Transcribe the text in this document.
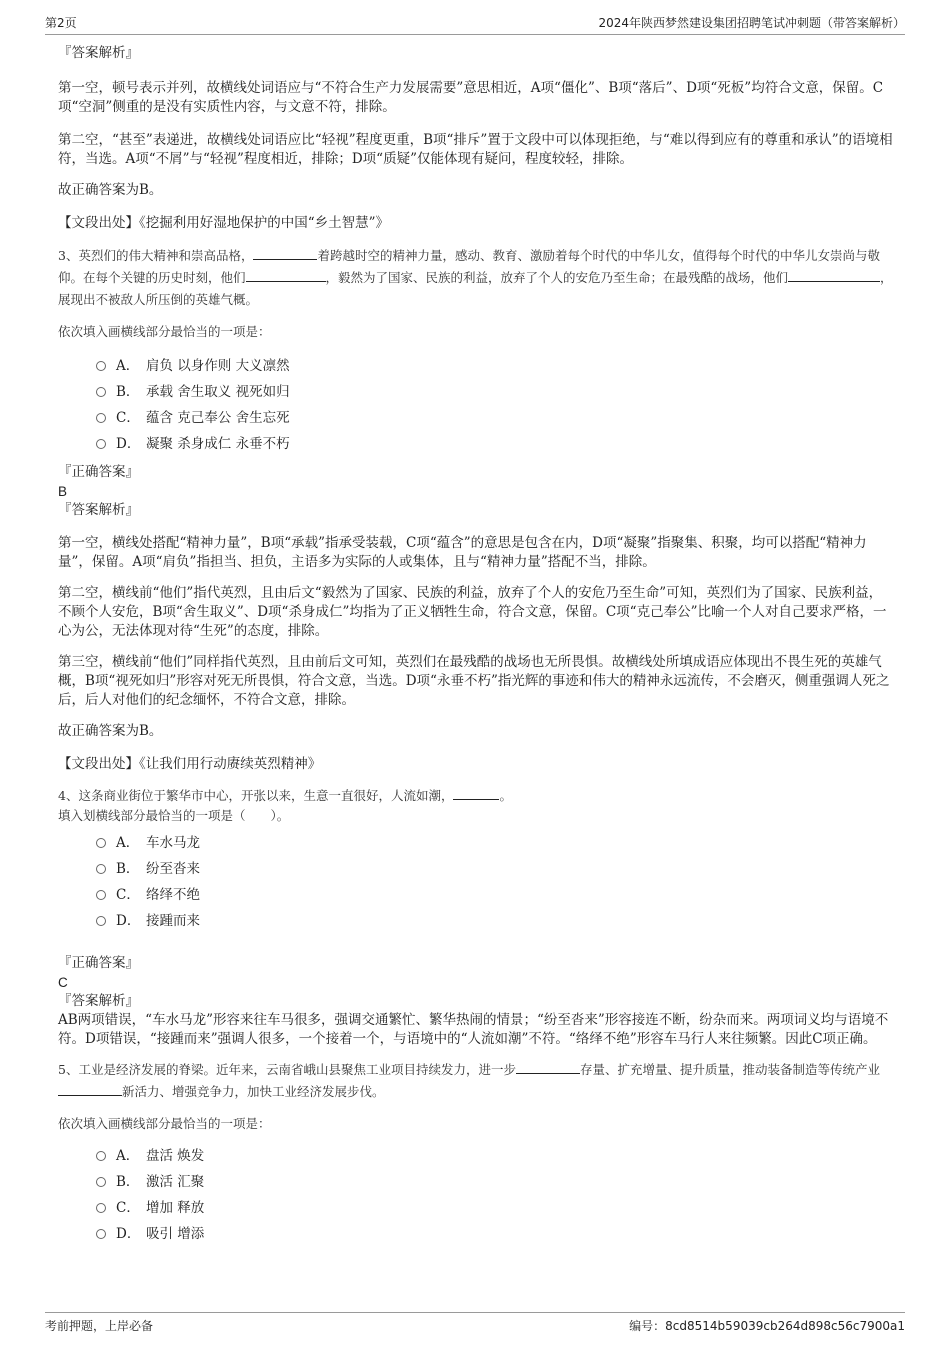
第2页	2024年陕西梦然建设集团招聘笔试冲刺题（带答案解析）

『答案解析』

第一空，顿号表示并列，故横线处词语应与“不符合生产力发展需要”意思相近，A项“僵化”、B项“落后”、D项“死板”均符合文意，保留。C项“空洞”侧重的是没有实质性内容，与文意不符，排除。

第二空，“甚至”表递进，故横线处词语应比“轻视”程度更重，B项“排斥”置于文段中可以体现拒绝，与“难以得到应有的尊重和承认”的语境相符，当选。A项“不屑”与“轻视”程度相近，排除；D项“质疑”仅能体现有疑问，程度较轻，排除。

故正确答案为B。

【文段出处】《挖掘利用好湿地保护的中国“乡土智慧”》

3、英烈们的伟大精神和崇高品格，	着跨越时空的精神力量，感动、教育、激励着每个时代的中华儿女，值得每个时代的中华儿女崇尚与敬仰。在每个关键的历史时刻，他们	，毅然为了国家、民族的利益，放弃了个人的安危乃至生命；在最残酷的战场，他们	，展现出不被敌人所压倒的英雄气概。

依次填入画横线部分最恰当的一项是：

A． 肩负 以身作则 大义凛然
B． 承载 舍生取义 视死如归
C． 蕴含 克己奉公 舍生忘死
D． 凝聚 杀身成仁 永垂不朽

『正确答案』

B

『答案解析』

第一空，横线处搭配“精神力量”，B项“承载”指承受装载，C项“蕴含”的意思是包含在内，D项“凝聚”指聚集、积聚，均可以搭配“精神力量”，保留。A项“肩负”指担当、担负，主语多为实际的人或集体，且与“精神力量”搭配不当，排除。

第二空，横线前“他们”指代英烈，且由后文“毅然为了国家、民族的利益，放弃了个人的安危乃至生命”可知，英烈们为了国家、民族利益，不顾个人安危，B项“舍生取义”、D项“杀身成仁”均指为了正义牺牲生命，符合文意，保留。C项“克己奉公”比喻一个人对自己要求严格，一心为公，无法体现对待“生死”的态度，排除。

第三空，横线前“他们”同样指代英烈，且由前后文可知，英烈们在最残酷的战场也无所畏惧。故横线处所填成语应体现出不畏生死的英雄气概，B项“视死如归”形容对死无所畏惧，符合文意，当选。D项“永垂不朽”指光辉的事迹和伟大的精神永远流传，不会磨灭，侧重强调人死之后，后人对他们的纪念缅怀，不符合文意，排除。

故正确答案为B。

【文段出处】《让我们用行动赓续英烈精神》

4、这条商业街位于繁华市中心，开张以来，生意一直很好，人流如潮，	。

填入划横线部分最恰当的一项是（　　）。

A． 车水马龙
B． 纷至沓来
C． 络绎不绝
D． 接踵而来

『正确答案』

C

『答案解析』

AB两项错误，“车水马龙”形容来往车马很多，强调交通繁忙、繁华热闹的情景；“纷至沓来”形容接连不断，纷杂而来。两项词义均与语境不符。D项错误，“接踵而来”强调人很多，一个接着一个，与语境中的“人流如潮”不符。“络绎不绝”形容车马行人来往频繁。因此C项正确。

5、工业是经济发展的脊梁。近年来，云南省峨山县聚焦工业项目持续发力，进一步	存量、扩充增量、提升质量，推动装备制造等传统产业新活力、增强竞争力，加快工业经济发展步伐。

依次填入画横线部分最恰当的一项是：

A． 盘活 焕发
B． 激活 汇聚
C． 增加 释放
D． 吸引 增添
考前押题，上岸必备	编号：8cd8514b59039cb264d898c56c7900a1
